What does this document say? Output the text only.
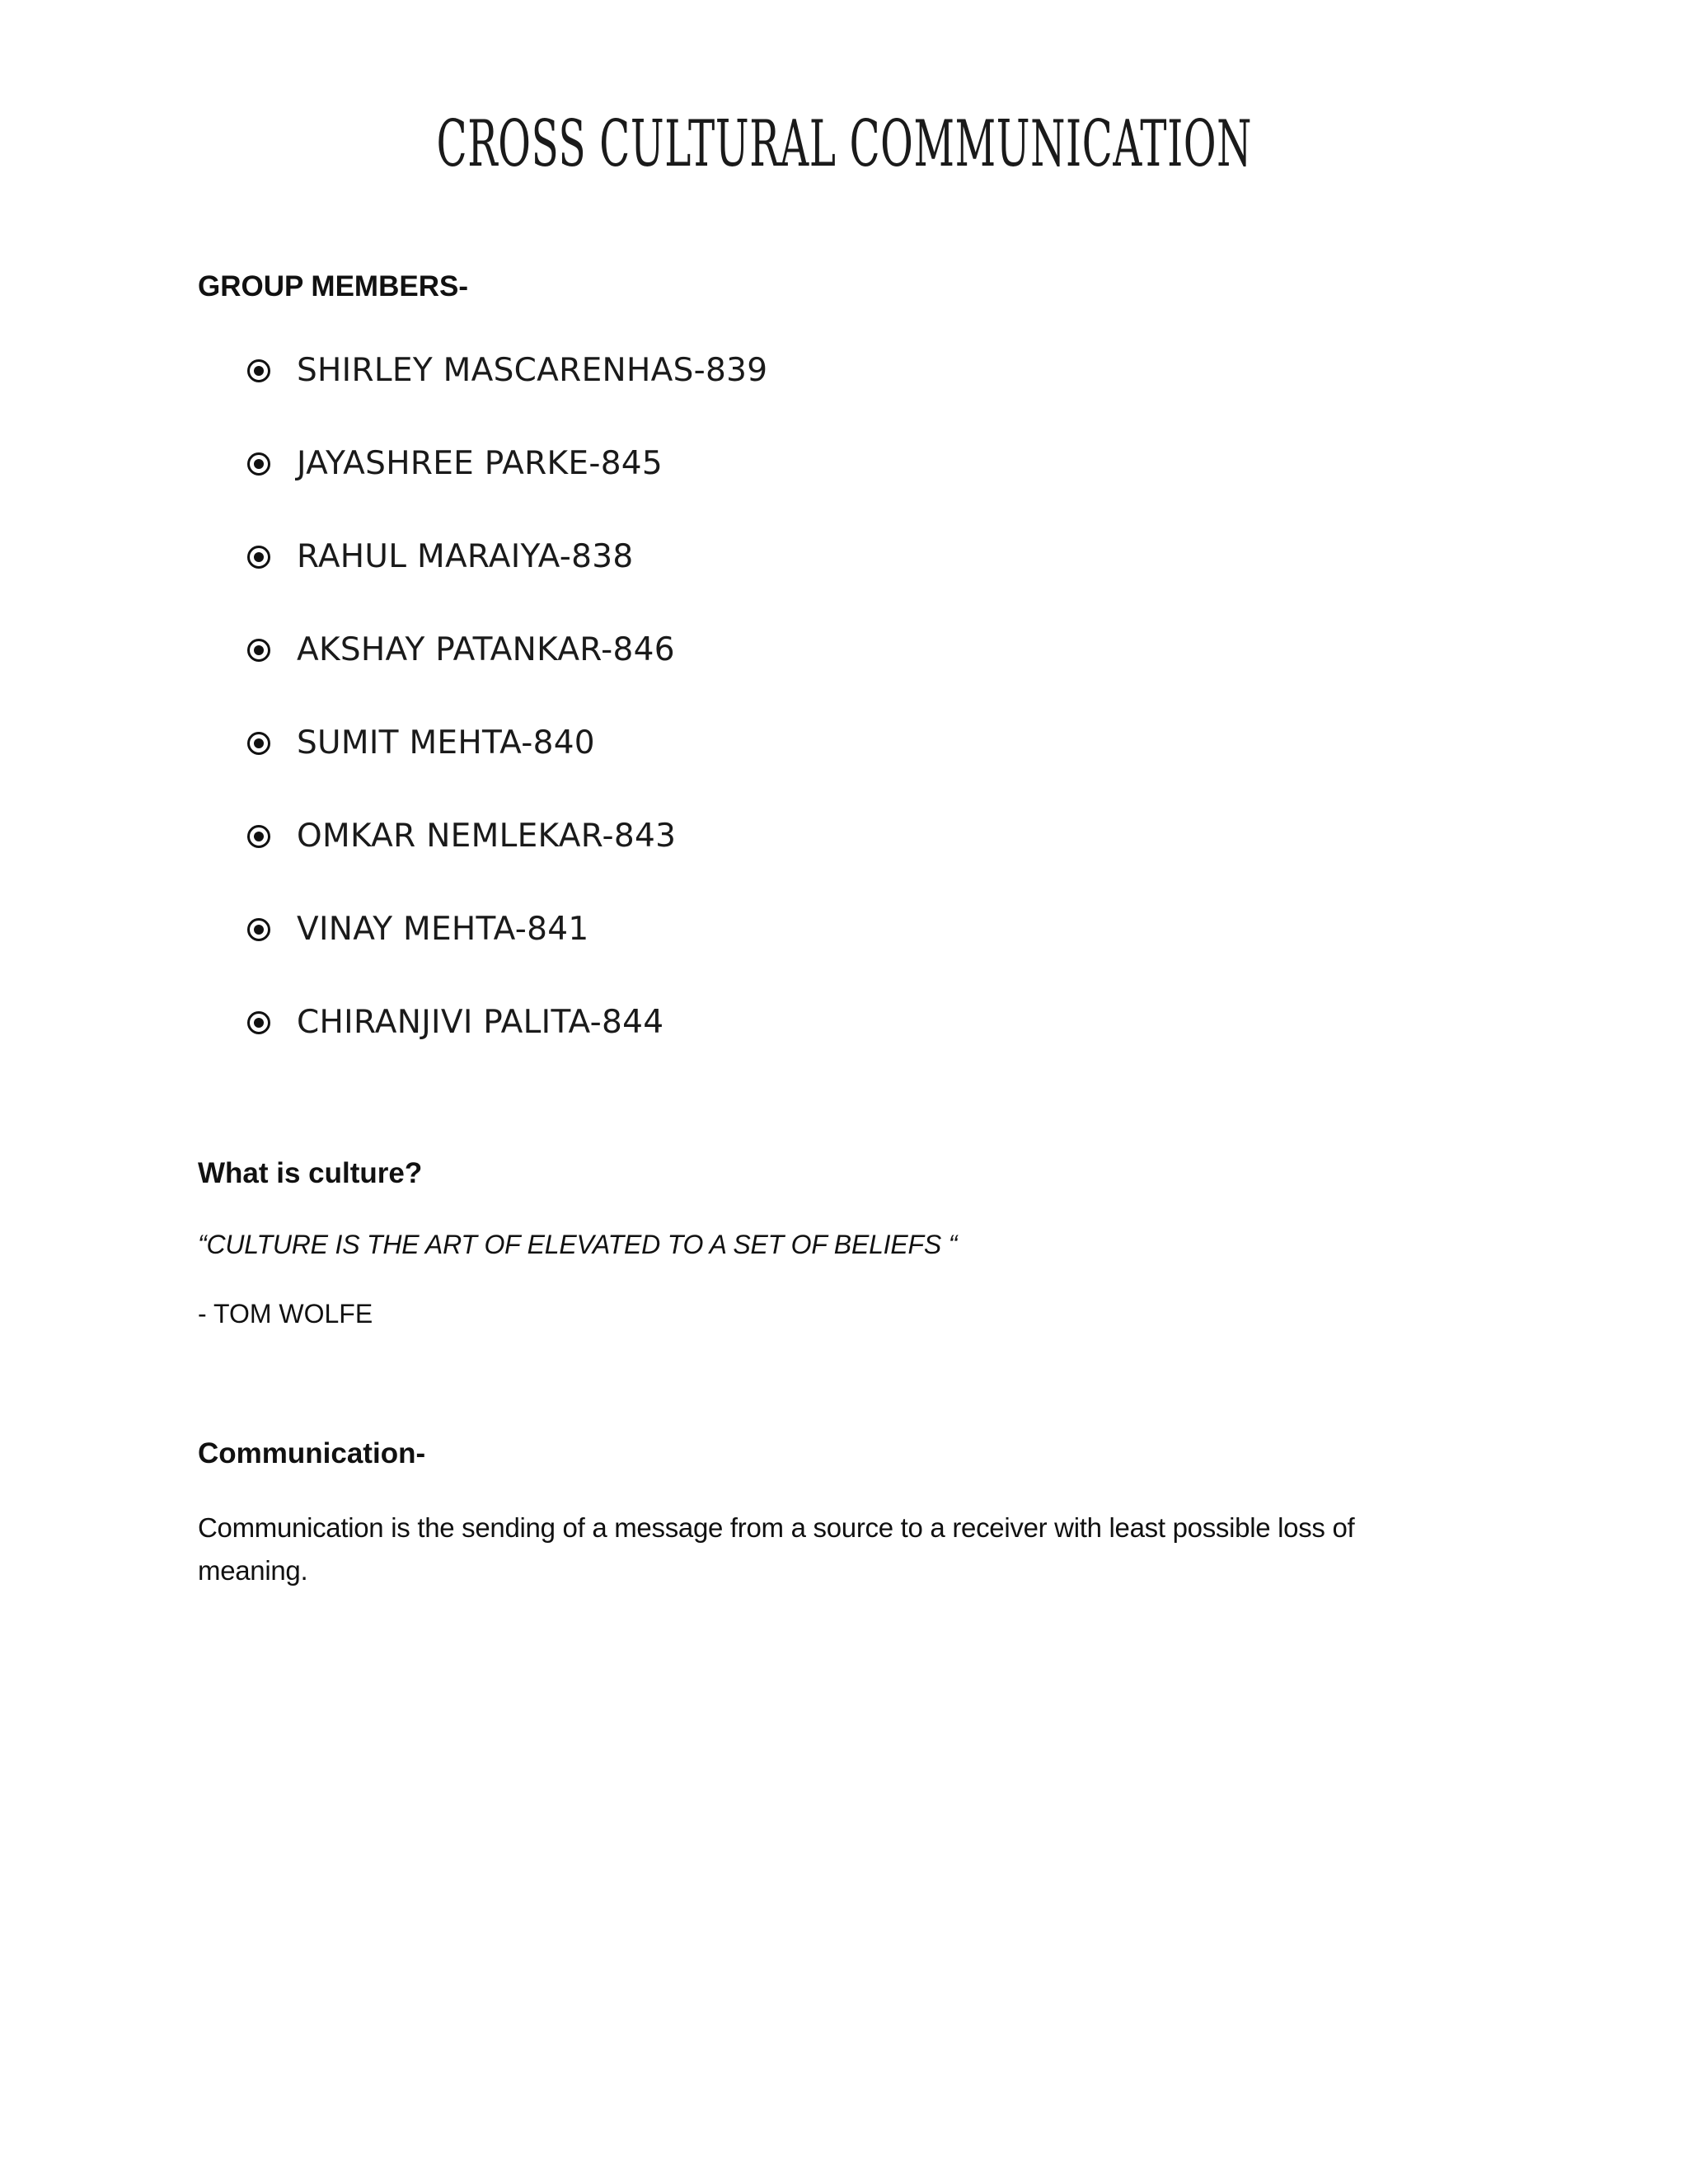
CROSS CULTURAL COMMUNICATION
GROUP MEMBERS-
SHIRLEY MASCARENHAS-839
JAYASHREE PARKE-845
RAHUL MARAIYA-838
AKSHAY PATANKAR-846
SUMIT MEHTA-840
OMKAR NEMLEKAR-843
VINAY MEHTA-841
CHIRANJIVI PALITA-844
What is culture?

“CULTURE IS THE ART OF ELEVATED TO A SET OF BELIEFS “

- TOM WOLFE

Communication-

Communication is the sending of a message from a source to a receiver with least possible loss of meaning.
